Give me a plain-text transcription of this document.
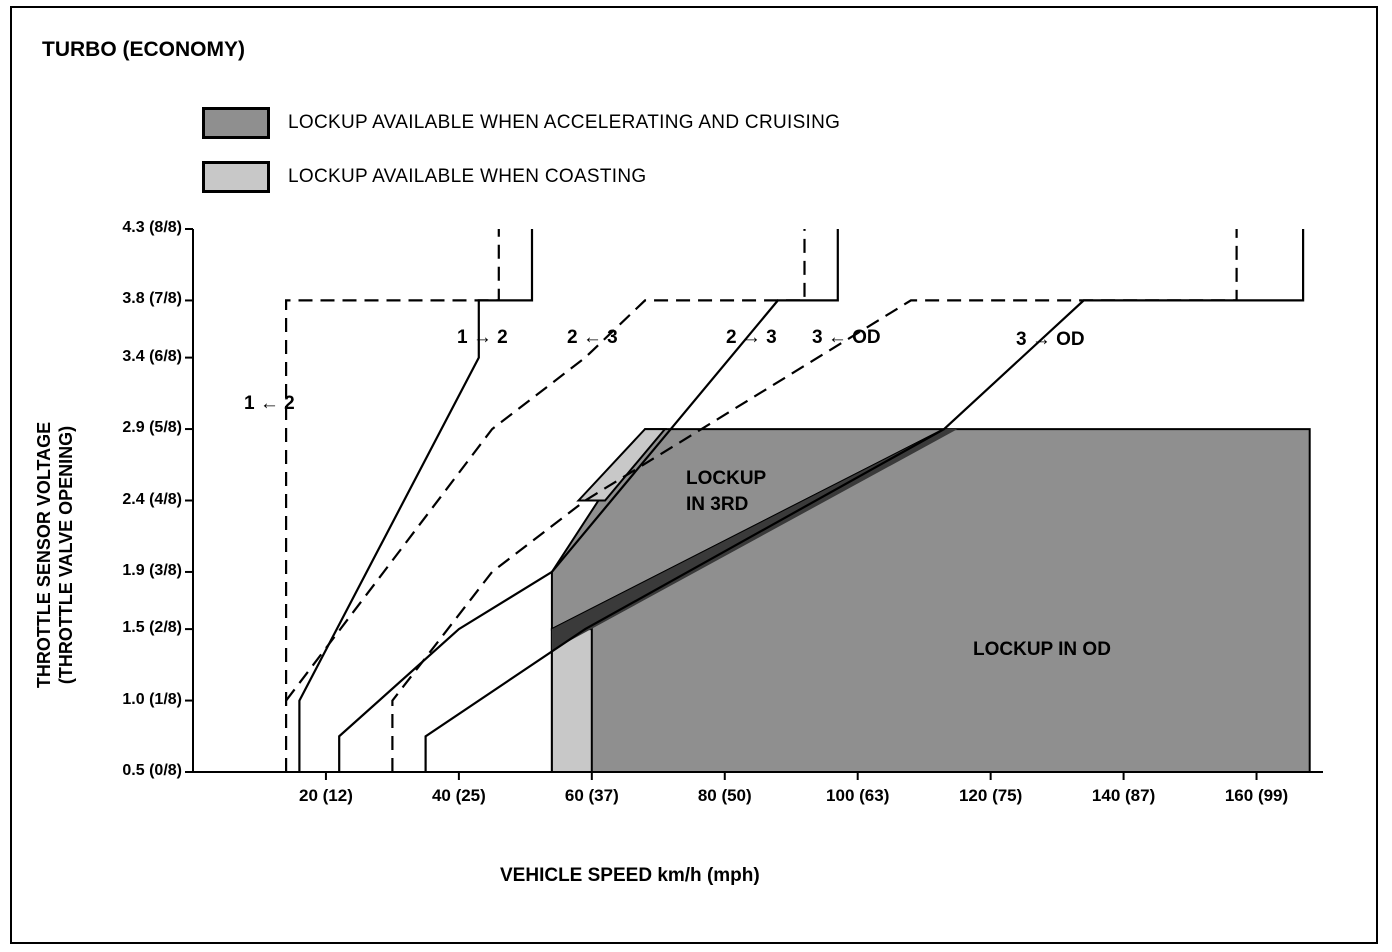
TURBO (ECONOMY)
LOCKUP AVAILABLE WHEN ACCELERATING AND CRUISING
LOCKUP AVAILABLE WHEN COASTING
0.5 (0/8)
1.0 (1/8)
1.5 (2/8)
1.9 (3/8)
2.4 (4/8)
2.9 (5/8)
3.4 (6/8)
3.8 (7/8)
4.3 (8/8)
20 (12)	40 (25)	60 (37)	80 (50)	100 (63)	120 (75)	140 (87)	160 (99)
1 → 2
1 ← 2
2 ← 3	2 → 3 3 ← OD	3 → OD
LOCKUP
IN 3RD
LOCKUP IN OD
VEHICLE SPEED km/h (mph)
THROTTLE SENSOR VOLTAGE (THROTTLE VALVE OPENING)
